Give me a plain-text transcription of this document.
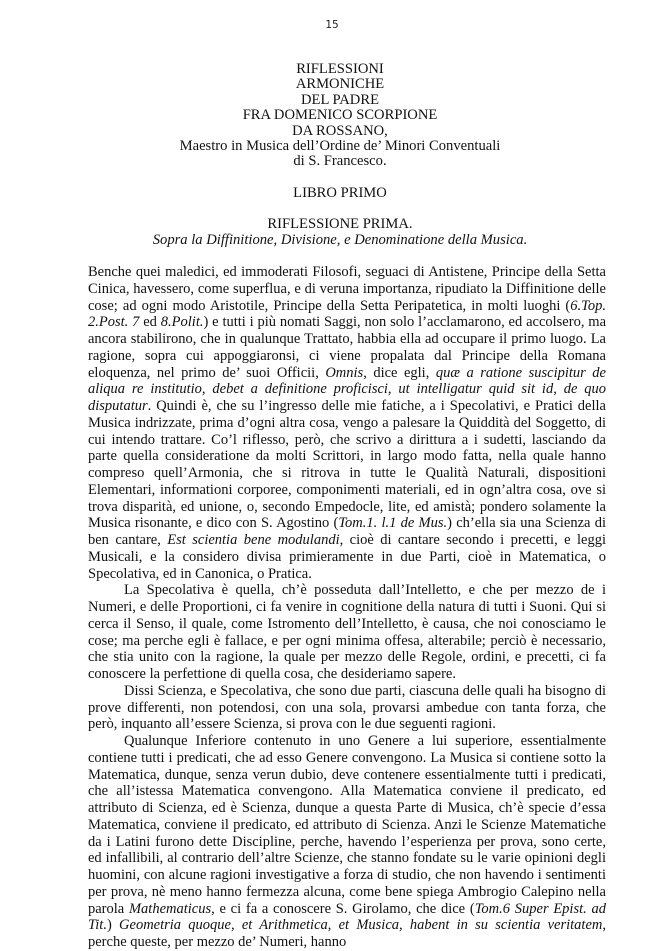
15
RIFLESSIONI
ARMONICHE
DEL PADRE
FRA DOMENICO SCORPIONE
DA ROSSANO,
Maestro in Musica dell’Ordine de’ Minori Conventuali
di S. Francesco.
LIBRO PRIMO
RIFLESSIONE PRIMA.
Sopra la Diffinitione, Divisione, e Denominatione della Musica.

Benche quei maledici, ed immoderati Filosofi, seguaci di Antistene, Principe della Setta Cinica, havessero, come superflua, e di veruna importanza, ripudiato la Diffinitione delle cose; ad ogni modo Aristotile, Principe della Setta Peripatetica, in molti luoghi (6.Top. 2.Post. 7 ed 8.Polit.) e tutti i più nomati Saggi, non solo l’acclamarono, ed accolsero, ma ancora stabilirono, che in qualunque Trattato, habbia ella ad occupare il primo luogo. La ragione, sopra cui appoggiaronsi, ci viene propalata dal Principe della Romana eloquenza, nel primo de’ suoi Officii, Omnis, dice egli, quæ a ratione suscipitur de aliqua re institutio, debet a definitione proficisci, ut intelligatur quid sit id, de quo disputatur. Quindi è, che su l’ingresso delle mie fatiche, a i Specolativi, e Pratici della Musica indrizzate, prima d’ogni altra cosa, vengo a palesare la Quiddità del Soggetto, di cui intendo trattare. Co’l riflesso, però, che scrivo a dirittura a i sudetti, lasciando da parte quella consideratione da molti Scrittori, in largo modo fatta, nella quale hanno compreso quell’Armonia, che si ritrova in tutte le Qualità Naturali, dispositioni Elementari, informationi corporee, componimenti materiali, ed in ogn’altra cosa, ove si trova disparità, ed unione, o, secondo Empedocle, lite, ed amistà; pondero solamente la Musica risonante, e dico con S. Agostino (Tom.1. l.1 de Mus.) ch’ella sia una Scienza di ben cantare, Est scientia bene modulandi, cioè di cantare secondo i precetti, e leggi Musicali, e la considero divisa primieramente in due Parti, cioè in Matematica, o Specolativa, ed in Canonica, o Pratica.

La Specolativa è quella, ch’è posseduta dall’Intelletto, e che per mezzo de i Numeri, e delle Proportioni, ci fa venire in cognitione della natura di tutti i Suoni. Qui si cerca il Senso, il quale, come Istromento dell’Intelletto, è causa, che noi conosciamo le cose; ma perche egli è fallace, e per ogni minima offesa, alterabile; perciò è necessario, che stia unito con la ragione, la quale per mezzo delle Regole, ordini, e precetti, ci fa conoscere la perfettione di quella cosa, che desideriamo sapere.

Dissi Scienza, e Specolativa, che sono due parti, ciascuna delle quali ha bisogno di prove differenti, non potendosi, con una sola, provarsi ambedue con tanta forza, che però, inquanto all’essere Scienza, si prova con le due seguenti ragioni.

Qualunque Inferiore contenuto in uno Genere a lui superiore, essentialmente contiene tutti i predicati, che ad esso Genere convengono. La Musica si contiene sotto la Matematica, dunque, senza verun dubio, deve contenere essentialmente tutti i predicati, che all’istessa Matematica convengono. Alla Matematica conviene il predicato, ed attributo di Scienza, ed è Scienza, dunque a questa Parte di Musica, ch’è specie d’essa Matematica, conviene il predicato, ed attributo di Scienza. Anzi le Scienze Matematiche da i Latini furono dette Discipline, perche, havendo l’esperienza per prova, sono certe, ed infallibili, al contrario dell’altre Scienze, che stanno fondate su le varie opinioni degli huomini, con alcune ragioni investigative a forza di studio, che non havendo i sentimenti per prova, nè meno hanno fermezza alcuna, come bene spiega Ambrogio Calepino nella parola Mathematicus, e ci fa a conoscere S. Girolamo, che dice (Tom.6 Super Epist. ad Tit.) Geometria quoque, et Arithmetica, et Musica, habent in su scientia veritatem, perche queste, per mezzo de’ Numeri, hanno
